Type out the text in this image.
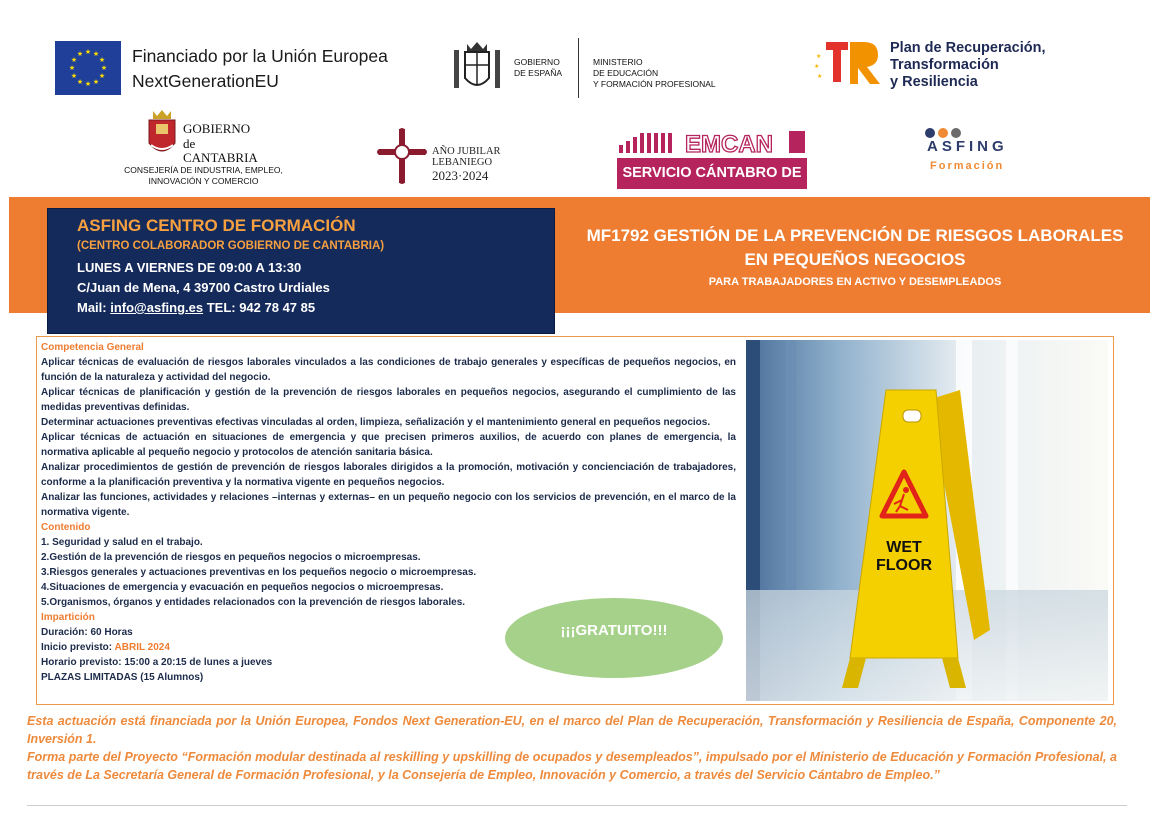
★ ★
★
★
★
★
★
★
★
★
★
★	Financiado por la Unión Europea
NextGenerationEU
GOBIERNO
DE ESPAÑA
MINISTERIO
DE EDUCACIÓN
Y FORMACIÓN PROFESIONAL
★
★
★
Plan de Recuperación,
Transformación
y Resiliencia
GOBIERNO
de
CANTABRIA
CONSEJERÍA DE INDUSTRIA, EMPLEO,
INNOVACIÓN Y COMERCIO
AÑO JUBILAR
LEBANIEGO
2023·2024
EMCAN
SERVICIO CÁNTABRO DE
ASFING
Formación
ASFING CENTRO DE FORMACIÓN
(CENTRO COLABORADOR GOBIERNO DE CANTABRIA)
LUNES A VIERNES DE 09:00 A 13:30
C/Juan de Mena, 4 39700 Castro Urdiales
Mail: info@asfing.es TEL: 942 78 47 85
MF1792 GESTIÓN DE LA PREVENCIÓN DE RIESGOS LABORALES
EN PEQUEÑOS NEGOCIOS
PARA TRABAJADORES EN ACTIVO Y DESEMPLEADOS

Competencia General

Aplicar técnicas de evaluación de riesgos laborales vinculados a las condiciones de trabajo generales y específicas de pequeños negocios, en función de la naturaleza y actividad del negocio.

Aplicar técnicas de planificación y gestión de la prevención de riesgos laborales en pequeños negocios, asegurando el cumplimiento de las medidas preventivas definidas.

Determinar actuaciones preventivas efectivas vinculadas al orden, limpieza, señalización y el mantenimiento general en pequeños negocios.

Aplicar técnicas de actuación en situaciones de emergencia y que precisen primeros auxilios, de acuerdo con planes de emergencia, la normativa aplicable al pequeño negocio y protocolos de atención sanitaria básica.

Analizar procedimientos de gestión de prevención de riesgos laborales dirigidos a la promoción, motivación y concienciación de trabajadores, conforme a la planificación preventiva y la normativa vigente en pequeños negocios.

Analizar las funciones, actividades y relaciones –internas y externas– en un pequeño negocio con los servicios de prevención, en el marco de la normativa vigente.

Contenido

1. Seguridad y salud en el trabajo.

2.Gestión de la prevención de riesgos en pequeños negocios o microempresas.

3.Riesgos generales y actuaciones preventivas en los pequeños negocio o microempresas.

4.Situaciones de emergencia y evacuación en pequeños negocios o microempresas.

5.Organismos, órganos y entidades relacionados con la prevención de riesgos laborales.

Impartición

Duración: 60 Horas

Inicio previsto: ABRIL 2024

Horario previsto: 15:00 a 20:15 de lunes a jueves

PLAZAS LIMITADAS (15 Alumnos)

¡¡¡GRATUITO!!!
WET
FLOOR

Esta actuación está financiada por la Unión Europea, Fondos Next Generation-EU, en el marco del Plan de Recuperación, Transformación y Resiliencia de España, Componente 20, Inversión 1.

Forma parte del Proyecto “Formación modular destinada al reskilling y upskilling de ocupados y desempleados”, impulsado por el Ministerio de Educación y Formación Profesional, a través de La Secretaría General de Formación Profesional, y la Consejería de Empleo, Innovación y Comercio, a través del Servicio Cántabro de Empleo.”
